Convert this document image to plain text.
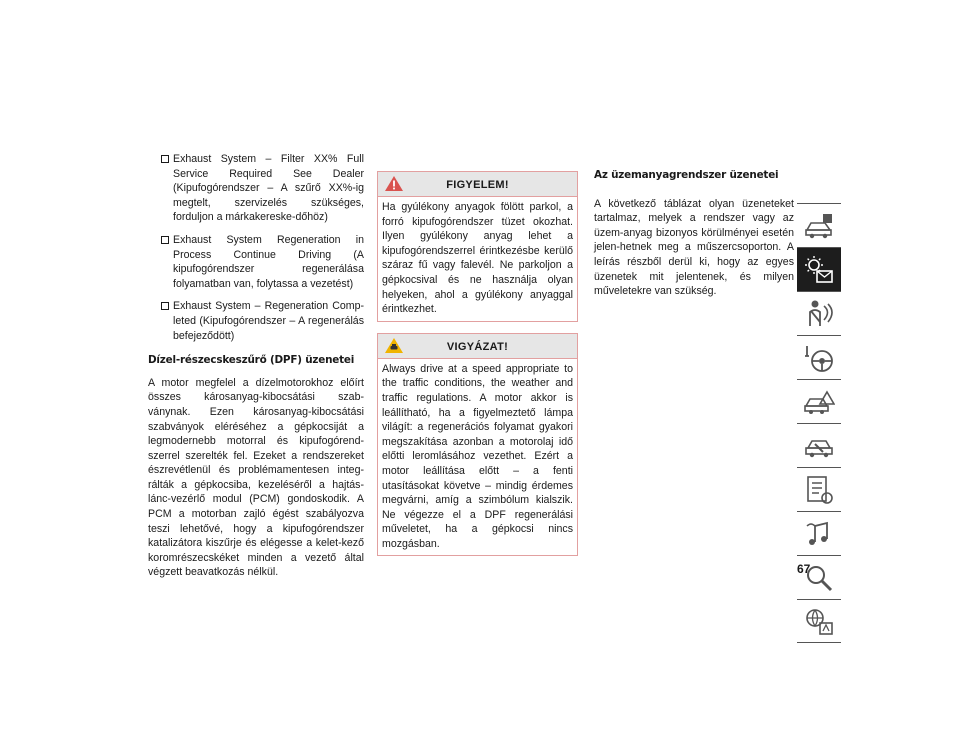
Exhaust System – Filter XX% Full Service Required See Dealer (Kipufogórendszer – A szűrő XX%-ig megtelt, szervizelés szükséges, forduljon a márkakereske-dőhöz)
Exhaust System Regeneration in Process Continue Driving (A kipufogórendszer regenerálása folyamatban van, folytassa a vezetést)
Exhaust System – Regeneration Comp-leted (Kipufogórendszer – A regenerálás befejeződött)
Dízel-részecskeszűrő (DPF) üzenetei

A motor megfelel a dízelmotorokhoz előírt összes károsanyag-kibocsátási szab-ványnak. Ezen károsanyag-kibocsátási szabványok eléréséhez a gépkocsiját a legmodernebb motorral és kipufogórend-szerrel szerelték fel. Ezeket a rendszereket észrevétlenül és problémamentesen integ-rálták a gépkocsiba, kezeléséről a hajtás-lánc-vezérlő modul (PCM) gondoskodik. A PCM a motorban zajló égést szabályozva teszi lehetővé, hogy a kipufogórendszer katalizátora kiszűrje és elégesse a kelet-kező koromrészecskéket minden a vezető által végzett beavatkozás nélkül.

FIGYELEM!
Ha gyúlékony anyagok fölött parkol, a forró kipufogórendszer tüzet okozhat. Ilyen gyúlékony anyag lehet a kipufogórendszerrel érintkezésbe kerülő száraz fű vagy falevél. Ne parkoljon a gépkocsival és ne használja olyan helyeken, ahol a gyúlékony anyaggal érintkezhet.
VIGYÁZAT!
Always drive at a speed appropriate to the traffic conditions, the weather and traffic regulations. A motor akkor is leállítható, ha a figyelmeztető lámpa világít: a regenerációs folyamat gyakori megszakítása azonban a motorolaj idő előtti leromlásához vezethet. Ezért a motor leállítása előtt – a fenti utasításokat követve – mindig érdemes megvárni, amíg a szimbólum kialszik. Ne végezze el a DPF regenerálási műveletet, ha a gépkocsi nincs mozgásban.
Az üzemanyagrendszer üzenetei

A következő táblázat olyan üzeneteket tartalmaz, melyek a rendszer vagy az üzem-anyag bizonyos körülményei esetén jelen-hetnek meg a műszercsoporton. A leírás részből derül ki, hogy az egyes üzenetek mit jelentenek, és milyen műveletekre van szükség.

67
